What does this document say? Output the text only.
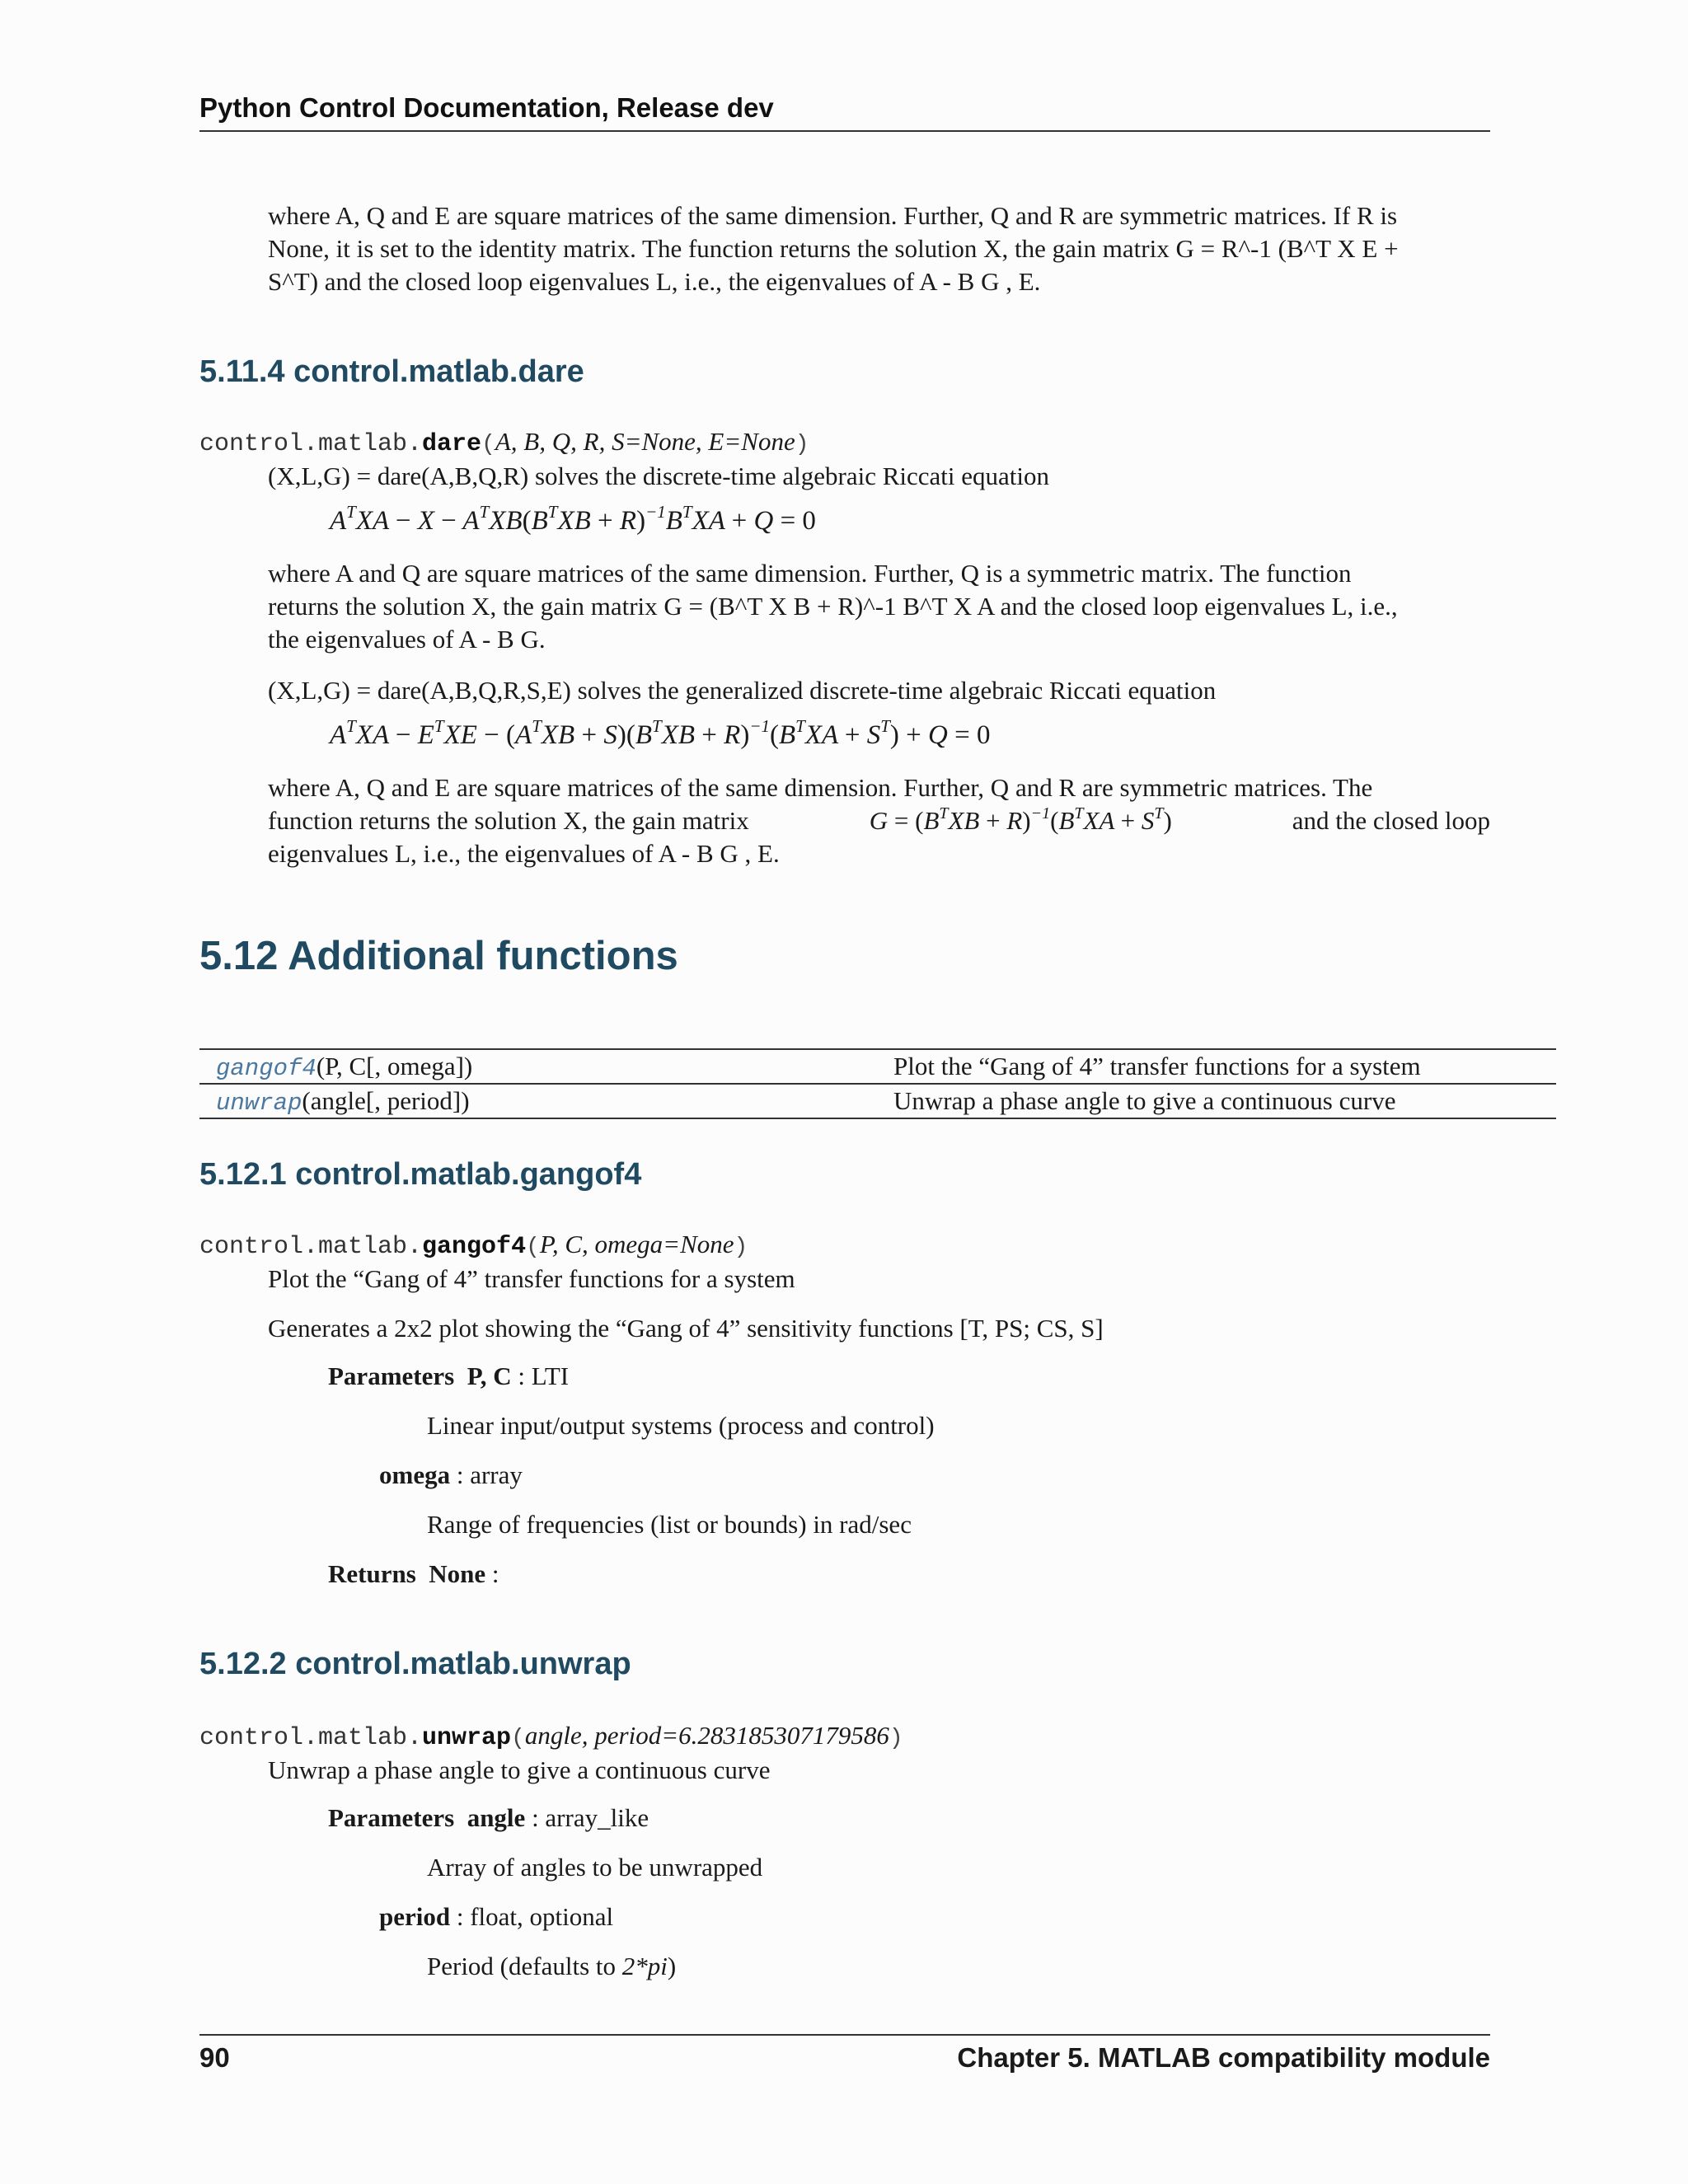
Python Control Documentation, Release dev
where A, Q and E are square matrices of the same dimension. Further, Q and R are symmetric matrices. If R is
None, it is set to the identity matrix. The function returns the solution X, the gain matrix G = R^-1 (B^T X E +
S^T) and the closed loop eigenvalues L, i.e., the eigenvalues of A - B G , E.
5.11.4 control.matlab.dare
control.matlab.dare(A, B, Q, R, S=None, E=None)
(X,L,G) = dare(A,B,Q,R) solves the discrete-time algebraic Riccati equation
$A^TXA - X - A^TXB(B^TXB + R)^{-1}B^TXA + Q = 0$
where A and Q are square matrices of the same dimension. Further, Q is a symmetric matrix. The function
returns the solution X, the gain matrix G = (B^T X B + R)^-1 B^T X A and the closed loop eigenvalues L, i.e.,
the eigenvalues of A - B G.
(X,L,G) = dare(A,B,Q,R,S,E) solves the generalized discrete-time algebraic Riccati equation
$A^TXA - E^TXE - (A^TXB + S)(B^TXB + R)^{-1}(B^TXA + S^T) + Q = 0$
where A, Q and E are square matrices of the same dimension. Further, Q and R are symmetric matrices. The
function returns the solution X, the gain matrix	$G = (B^TXB + R)^{-1}(B^TXA + S^T)$	and the closed loop
eigenvalues L, i.e., the eigenvalues of A - B G , E.
5.12 Additional functions
gangof4(P, C[, omega])	Plot the “Gang of 4” transfer functions for a system
unwrap(angle[, period])	Unwrap a phase angle to give a continuous curve
5.12.1 control.matlab.gangof4
control.matlab.gangof4(P, C, omega=None)
Plot the “Gang of 4” transfer functions for a system
Generates a 2x2 plot showing the “Gang of 4” sensitivity functions [T, PS; CS, S]
Parameters P, C : LTI
Linear input/output systems (process and control)
omega : array
Range of frequencies (list or bounds) in rad/sec
Returns None :
5.12.2 control.matlab.unwrap
control.matlab.unwrap(angle, period=6.283185307179586)
Unwrap a phase angle to give a continuous curve
Parameters angle : array_like
Array of angles to be unwrapped
period : float, optional
Period (defaults to 2*pi)
90	Chapter 5. MATLAB compatibility module
